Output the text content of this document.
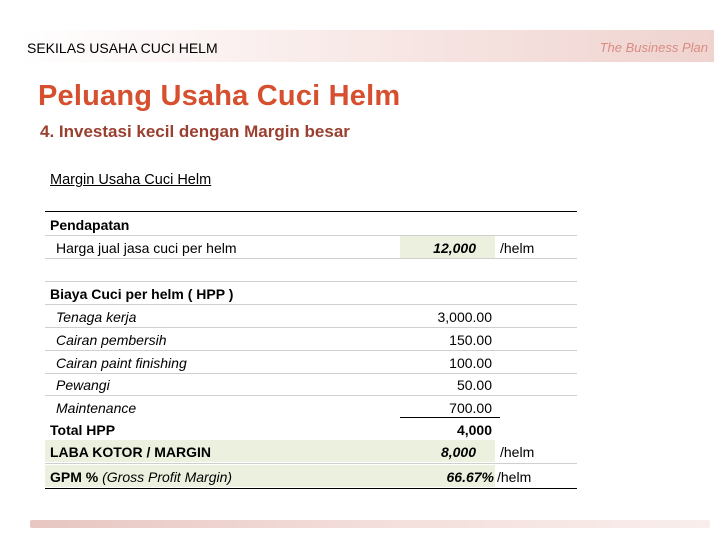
SEKILAS USAHA CUCI HELM	The Business Plan
Peluang Usaha Cuci Helm
4. Investasi kecil dengan Margin besar
Margin Usaha Cuci Helm
Pendapatan
Harga jual jasa cuci per helm	12,000 /helm
Biaya Cuci per helm ( HPP )
Tenaga kerja	3,000.00
Cairan pembersih	150.00
Cairan paint finishing	100.00
Pewangi	50.00
Maintenance	700.00
Total HPP	4,000
LABA KOTOR / MARGIN	8,000 /helm
GPM % (Gross Profit Margin)	66.67% /helm
